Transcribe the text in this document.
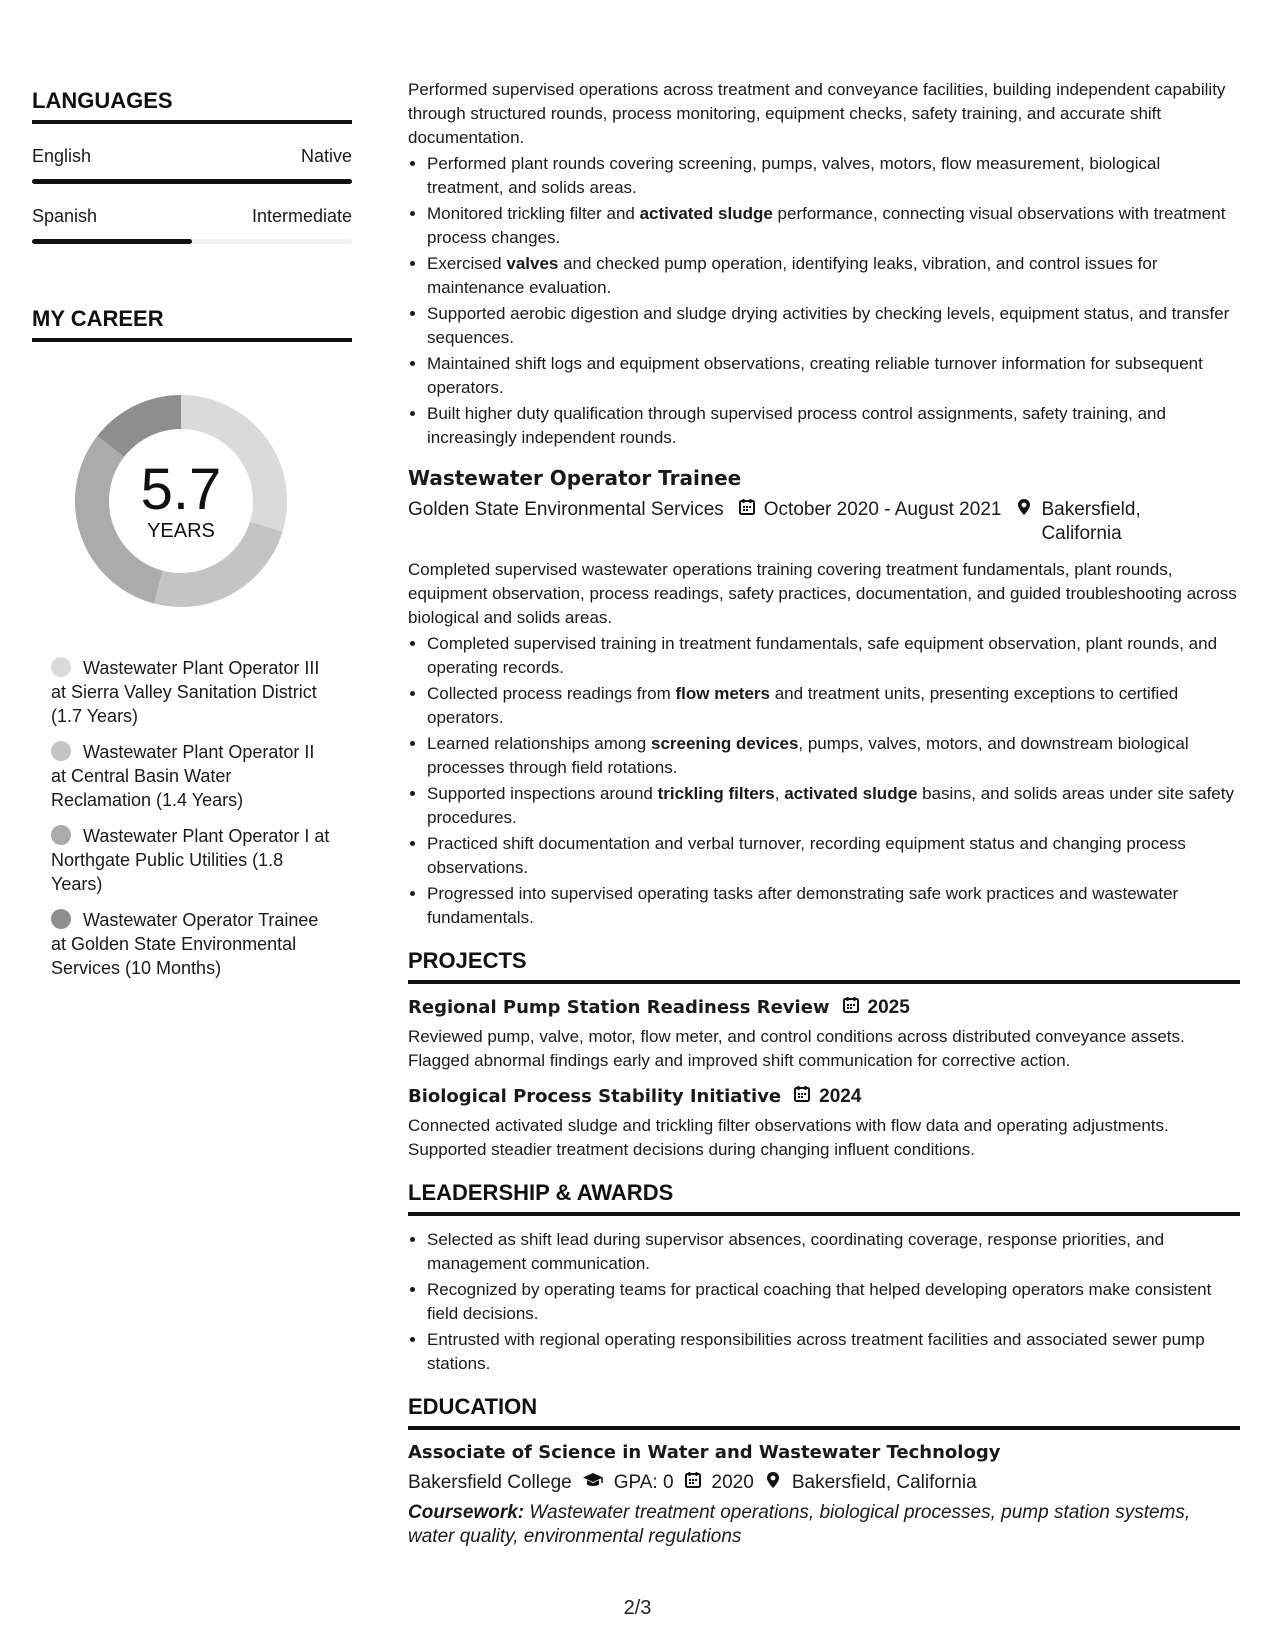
LANGUAGES
English	Native
Spanish	Intermediate
MY CAREER
5.7
YEARS
Wastewater Plant Operator III at Sierra Valley Sanitation District (1.7 Years)
Wastewater Plant Operator II at Central Basin Water Reclamation (1.4 Years)
Wastewater Plant Operator I at Northgate Public Utilities (1.8 Years)
Wastewater Operator Trainee at Golden State Environmental Services (10 Months)

Performed supervised operations across treatment and conveyance facilities, building independent capability through structured rounds, process monitoring, equipment checks, safety training, and accurate shift documentation.

• Performed plant rounds covering screening, pumps, valves, motors, flow measurement, biological treatment, and solids areas.
• Monitored trickling filter and activated sludge performance, connecting visual observations with treatment process changes.
• Exercised valves and checked pump operation, identifying leaks, vibration, and control issues for maintenance evaluation.
• Supported aerobic digestion and sludge drying activities by checking levels, equipment status, and transfer sequences.
• Maintained shift logs and equipment observations, creating reliable turnover information for subsequent operators.
• Built higher duty qualification through supervised process control assignments, safety training, and increasingly independent rounds.
Wastewater Operator Trainee
Golden State Environmental Services October 2020 - August 2021 Bakersfield, California

Completed supervised wastewater operations training covering treatment fundamentals, plant rounds, equipment observation, process readings, safety practices, documentation, and guided troubleshooting across biological and solids areas.

• Completed supervised training in treatment fundamentals, safe equipment observation, plant rounds, and operating records.
• Collected process readings from flow meters and treatment units, presenting exceptions to certified operators.
• Learned relationships among screening devices, pumps, valves, motors, and downstream biological processes through field rotations.
• Supported inspections around trickling filters, activated sludge basins, and solids areas under site safety procedures.
• Practiced shift documentation and verbal turnover, recording equipment status and changing process observations.
• Progressed into supervised operating tasks after demonstrating safe work practices and wastewater fundamentals.
PROJECTS
Regional Pump Station Readiness Review 2025

Reviewed pump, valve, motor, flow meter, and control conditions across distributed conveyance assets. Flagged abnormal findings early and improved shift communication for corrective action.

Biological Process Stability Initiative 2024

Connected activated sludge and trickling filter observations with flow data and operating adjustments. Supported steadier treatment decisions during changing influent conditions.

LEADERSHIP & AWARDS
• Selected as shift lead during supervisor absences, coordinating coverage, response priorities, and management communication.
• Recognized by operating teams for practical coaching that helped developing operators make consistent field decisions.
• Entrusted with regional operating responsibilities across treatment facilities and associated sewer pump stations.
EDUCATION
Associate of Science in Water and Wastewater Technology
Bakersfield College GPA: 0 2020 Bakersfield, California
Coursework: Wastewater treatment operations, biological processes, pump station systems, water quality, environmental regulations
2/3
